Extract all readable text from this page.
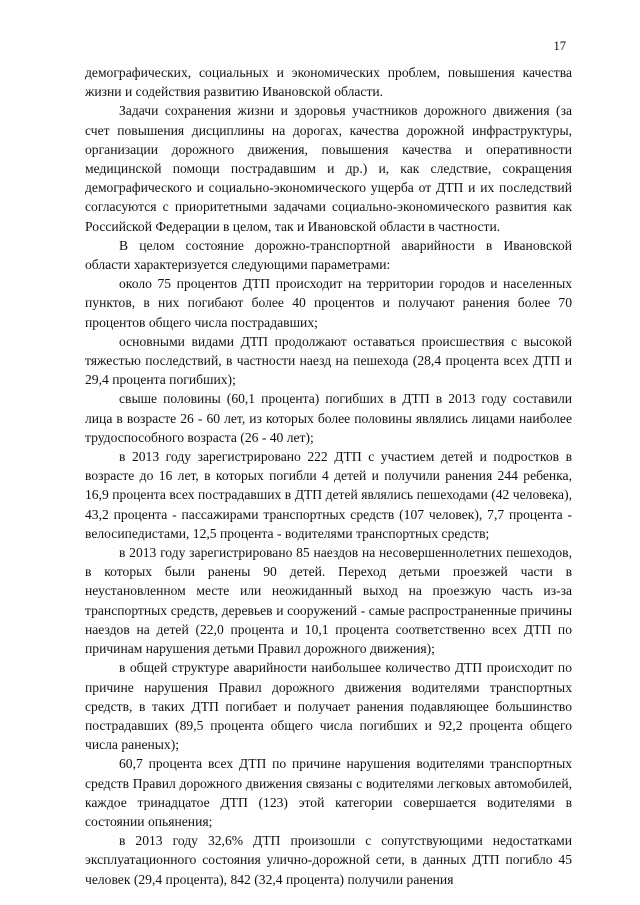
17

демографических, социальных и экономических проблем, повышения качества жизни и содействия развитию Ивановской области.

Задачи сохранения жизни и здоровья участников дорожного движения (за счет повышения дисциплины на дорогах, качества дорожной инфраструктуры, организации дорожного движения, повышения качества и оперативности медицинской помощи пострадавшим и др.) и, как следствие, сокращения демографического и социально-экономического ущерба от ДТП и их последствий согласуются с приоритетными задачами социально-экономического развития как Российской Федерации в целом, так и Ивановской области в частности.

В целом состояние дорожно-транспортной аварийности в Ивановской области характеризуется следующими параметрами:

около 75 процентов ДТП происходит на территории городов и населенных пунктов, в них погибают более 40 процентов и получают ранения более 70 процентов общего числа пострадавших;

основными видами ДТП продолжают оставаться происшествия с высокой тяжестью последствий, в частности наезд на пешехода (28,4 процента всех ДТП и 29,4 процента погибших);

свыше половины (60,1 процента) погибших в ДТП в 2013 году составили лица в возрасте 26 - 60 лет, из которых более половины являлись лицами наиболее трудоспособного возраста (26 - 40 лет);

в 2013 году зарегистрировано 222 ДТП с участием детей и подростков в возрасте до 16 лет, в которых погибли 4 детей и получили ранения 244 ребенка, 16,9 процента всех пострадавших в ДТП детей являлись пешеходами (42 человека), 43,2 процента - пассажирами транспортных средств (107 человек), 7,7 процента - велосипедистами, 12,5 процента - водителями транспортных средств;

в 2013 году зарегистрировано 85 наездов на несовершеннолетних пешеходов, в которых были ранены 90 детей. Переход детьми проезжей части в неустановленном месте или неожиданный выход на проезжую часть из-за транспортных средств, деревьев и сооружений - самые распространенные причины наездов на детей (22,0 процента и 10,1 процента соответственно всех ДТП по причинам нарушения детьми Правил дорожного движения);

в общей структуре аварийности наибольшее количество ДТП происходит по причине нарушения Правил дорожного движения водителями транспортных средств, в таких ДТП погибает и получает ранения подавляющее большинство пострадавших (89,5 процента общего числа погибших и 92,2 процента общего числа раненых);

60,7 процента всех ДТП по причине нарушения водителями транспортных средств Правил дорожного движения связаны с водителями легковых автомобилей, каждое тринадцатое ДТП (123) этой категории совершается водителями в состоянии опьянения;

в 2013 году 32,6% ДТП произошли с сопутствующими недостатками эксплуатационного состояния улично-дорожной сети, в данных ДТП погибло 45 человек (29,4 процента), 842 (32,4 процента) получили ранения
